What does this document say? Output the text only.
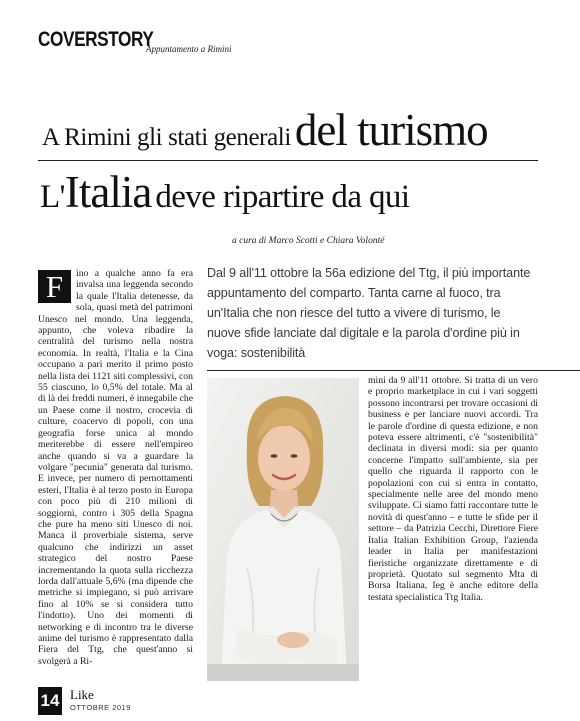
COVERSTORY
Appuntamento a Rimini
A Rimini gli stati generali del turismo
L'Italia deve ripartire da qui
a cura di Marco Scotti e Chiara Volonté
Dal 9 all'11 ottobre la 56a edizione del Ttg, il più importante appuntamento del comparto. Tanta carne al fuoco, tra un'Italia che non riesce del tutto a vivere di turismo, le nuove sfide lanciate dal digitale e la parola d'ordine più in voga: sostenibilità
F	ino a qualche anno fa era invalsa una leggenda secondo la quale l'Italia detenesse, da sola, quasi metà del patrimoni Unesco nel mondo. Una leggenda, appunto, che voleva ribadire la centralità del turismo nella nostra economia. In realtà, l'Italia e la Cina occupano a pari merito il primo posto nella lista dei 1121 siti complessivi, con 55 ciascuno, lo 0,5% del totale. Ma al di là dei freddi numeri, è innegabile che un Paese come il nostro, crocevia di culture, coacervo di popoli, con una geografia forse unica al mondo meriterebbe di essere nell'empireo anche quando si va a guardare la volgare "pecunia" generata dal turismo. E invece, per numero di pernottamenti esteri, l'Italia è al terzo posto in Europa con poco più di 210 milioni di soggiorni, contro i 305 della Spagna che pure ha meno siti Unesco di noi. Manca il proverbiale sistema, serve qualcuno che indirizzi un asset strategico del nostro Paese incrementando la quota sulla ricchezza lorda dall'attuale 5,6% (ma dipende che metriche si impiegano, si può arrivare fino al 10% se si considera tutto l'indotto). Uno dei momenti di networking e di incontro tra le diverse anime del turismo è rappresentato dalla Fiera del Ttg, che quest'anno si svolgerà a Ri-
mini da 9 all'11 ottobre. Si tratta di un vero e proprio marketplace in cui i vari soggetti possono incontrarsi per trovare occasioni di business e per lanciare nuovi accordi. Tra le parole d'ordine di questa edizione, e non poteva essere altrimenti, c'è "sostenibilità" declinata in diversi modi: sia per quanto concerne l'impatto sull'ambiente, sia per quello che riguarda il rapporto con le popolazioni con cui si entra in contatto, specialmente nelle aree del mondo meno sviluppate. Ci siamo fatti raccontare tutte le novità di quest'anno – e tutte le sfide per il settore – da Patrizia Cecchi, Direttore Fiere Italia Italian Exhibition Group, l'azienda leader in Italia per manifestazioni fieristiche organizzate direttamente e di proprietà. Quotato sul segmento Mta di Borsa Italiana, Ieg è anche editore della testata specialistica Ttg Italia.
14 Like
OTTOBRE 2019
